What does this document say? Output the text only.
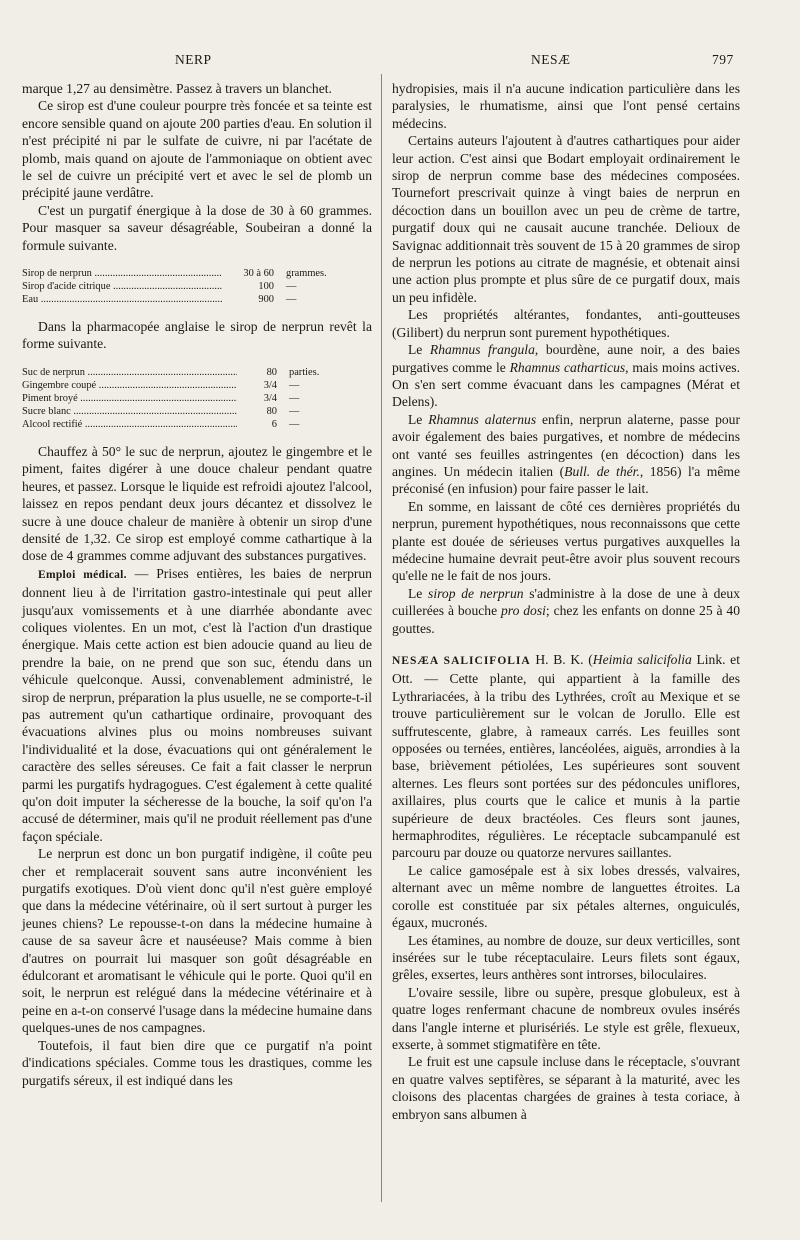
NERP	NESÆ	797

marque 1,27 au densimètre. Passez à travers un blanchet.

Ce sirop est d'une couleur pourpre très foncée et sa teinte est encore sensible quand on ajoute 200 parties d'eau. En solution il n'est précipité ni par le sulfate de cuivre, ni par l'acétate de plomb, mais quand on ajoute de l'ammoniaque on obtient avec le sel de cuivre un précipité vert et avec le sel de plomb un précipité jaune verdâtre.

C'est un purgatif énergique à la dose de 30 à 60 grammes. Pour masquer sa saveur désagréable, Soubeiran a donné la formule suivante.

Sirop de nerprun .....	30 à 60	grammes.
Sirop d'acide citrique .....	100	—
Eau .....	900	—

Dans la pharmacopée anglaise le sirop de nerprun revêt la forme suivante.

Suc de nerprun .....	80	parties.
Gingembre coupé .....	3/4	—
Piment broyé .....	3/4	—
Sucre blanc .....	80	—
Alcool rectifié .....	6	—

Chauffez à 50° le suc de nerprun, ajoutez le gingembre et le piment, faites digérer à une douce chaleur pendant quatre heures, et passez. Lorsque le liquide est refroidi ajoutez l'alcool, laissez en repos pendant deux jours décantez et dissolvez le sucre à une douce chaleur de manière à obtenir un sirop d'une densité de 1,32. Ce sirop est employé comme cathartique à la dose de 4 grammes comme adjuvant des substances purgatives.

Emploi médical. — Prises entières, les baies de nerprun donnent lieu à de l'irritation gastro-intestinale qui peut aller jusqu'aux vomissements et à une diarrhée abondante avec coliques violentes. En un mot, c'est là l'action d'un drastique énergique. Mais cette action est bien adoucie quand au lieu de prendre la baie, on ne prend que son suc, étendu dans un véhicule quelconque. Aussi, convenablement administré, le sirop de nerprun, préparation la plus usuelle, ne se comporte-t-il pas autrement qu'un cathartique ordinaire, provoquant des évacuations alvines plus ou moins nombreuses suivant l'individualité et la dose, évacuations qui ont généralement le caractère des selles séreuses. Ce fait a fait classer le nerprun parmi les purgatifs hydragogues. C'est également à cette qualité qu'on doit imputer la sécheresse de la bouche, la soif qu'on l'a accusé de déterminer, mais qu'il ne produit réellement pas d'une façon spéciale.

Le nerprun est donc un bon purgatif indigène, il coûte peu cher et remplacerait souvent sans autre inconvénient les purgatifs exotiques. D'où vient donc qu'il n'est guère employé que dans la médecine vétérinaire, où il sert surtout à purger les jeunes chiens? Le repousse-t-on dans la médecine humaine à cause de sa saveur âcre et nauséeuse? Mais comme à bien d'autres on pourrait lui masquer son goût désagréable en édulcorant et aromatisant le véhicule qui le porte. Quoi qu'il en soit, le nerprun est relégué dans la médecine vétérinaire et à peine en a-t-on conservé l'usage dans la médecine humaine dans quelques-unes de nos campagnes.

Toutefois, il faut bien dire que ce purgatif n'a point d'indications spéciales. Comme tous les drastiques, comme les purgatifs séreux, il est indiqué dans les

hydropisies, mais il n'a aucune indication particulière dans les paralysies, le rhumatisme, ainsi que l'ont pensé certains médecins.

Certains auteurs l'ajoutent à d'autres cathartiques pour aider leur action. C'est ainsi que Bodart employait ordinairement le sirop de nerprun comme base des médecines composées. Tournefort prescrivait quinze à vingt baies de nerprun en décoction dans un bouillon avec un peu de crème de tartre, purgatif doux qui ne causait aucune tranchée. Delioux de Savignac additionnait très souvent de 15 à 20 grammes de sirop de nerprun les potions au citrate de magnésie, et obtenait ainsi une action plus prompte et plus sûre de ce purgatif doux, mais un peu infidèle.

Les propriétés altérantes, fondantes, anti-goutteuses (Gilibert) du nerprun sont purement hypothétiques.

Le Rhamnus frangula, bourdène, aune noir, a des baies purgatives comme le Rhamnus catharticus, mais moins actives. On s'en sert comme évacuant dans les campagnes (Mérat et Delens).

Le Rhamnus alaternus enfin, nerprun alaterne, passe pour avoir également des baies purgatives, et nombre de médecins ont vanté ses feuilles astringentes (en décoction) dans les angines. Un médecin italien (Bull. de thér., 1856) l'a même préconisé (en infusion) pour faire passer le lait.

En somme, en laissant de côté ces dernières propriétés du nerprun, purement hypothétiques, nous reconnaissons que cette plante est douée de sérieuses vertus purgatives auxquelles la médecine humaine devrait peut-être avoir plus souvent recours qu'elle ne le fait de nos jours.

Le sirop de nerprun s'administre à la dose de une à deux cuillerées à bouche pro dosi; chez les enfants on donne 25 à 40 gouttes.

NESÆA SALICIFOLIA H. B. K. (Heimia salicifolia Link. et Ott. — Cette plante, qui appartient à la famille des Lythrariacées, à la tribu des Lythrées, croît au Mexique et se trouve particulièrement sur le volcan de Jorullo. Elle est suffrutescente, glabre, à rameaux carrés. Les feuilles sont opposées ou ternées, entières, lancéolées, aiguës, arrondies à la base, brièvement pétiolées, Les supérieures sont souvent alternes. Les fleurs sont portées sur des pédoncules uniflores, axillaires, plus courts que le calice et munis à la partie supérieure de deux bractéoles. Ces fleurs sont jaunes, hermaphrodites, régulières. Le réceptacle subcampanulé est parcouru par douze ou quatorze nervures saillantes.

Le calice gamosépale est à six lobes dressés, valvaires, alternant avec un même nombre de languettes étroites. La corolle est constituée par six pétales alternes, onguiculés, égaux, mucronés.

Les étamines, au nombre de douze, sur deux verticilles, sont insérées sur le tube réceptaculaire. Leurs filets sont égaux, grêles, exsertes, leurs anthères sont introrses, biloculaires.

L'ovaire sessile, libre ou supère, presque globuleux, est à quatre loges renfermant chacune de nombreux ovules insérés dans l'angle interne et plurisériés. Le style est grêle, flexueux, exserte, à sommet stigmatifère en tête.

Le fruit est une capsule incluse dans le réceptacle, s'ouvrant en quatre valves septifères, se séparant à la maturité, avec les cloisons des placentas chargées de graines à testa coriace, à embryon sans albumen à
